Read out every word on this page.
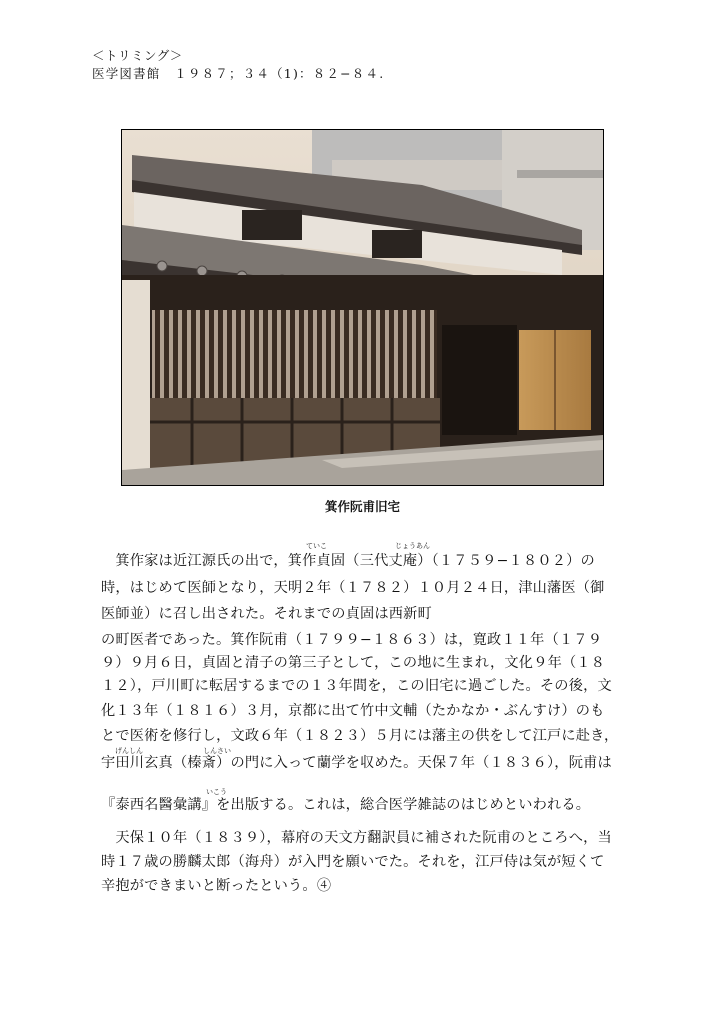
＜トリミング＞
医学図書館　１９８７；３４（1)：８２−８４.
箕作阮甫旧宅
ていこ	じょうあん
げんしん	しんさい
いこう
　箕作家は近江源氏の出で，箕作貞固（三代丈庵）（１７５９−１８０２）の
時，はじめて医師となり，天明２年（１７８２）１０月２４日，津山藩医（御
医師並）に召し出された。それまでの貞固は西新町
の町医者であった。箕作阮甫（１７９９−１８６３）は，寛政１１年（１７９
９）９月６日，貞固と清子の第三子として，この地に生まれ，文化９年（１８
１２），戸川町に転居するまでの１３年間を，この旧宅に過ごした。その後，文
化１３年（１８１６）３月，京都に出て竹中文輔（たかなか・ぶんすけ）のも
とで医術を修行し，文政６年（１８２３）５月には藩主の供をして江戸に赴き，
宇田川玄真（榛斎）の門に入って蘭学を収めた。天保７年（１８３６），阮甫は
『泰西名醫彙講』を出版する。これは，総合医学雑誌のはじめといわれる。
　天保１０年（１８３９），幕府の天文方翻訳員に補された阮甫のところへ，当
時１７歳の勝麟太郎（海舟）が入門を願いでた。それを，江戸侍は気が短くて
辛抱ができまいと断ったという。④
